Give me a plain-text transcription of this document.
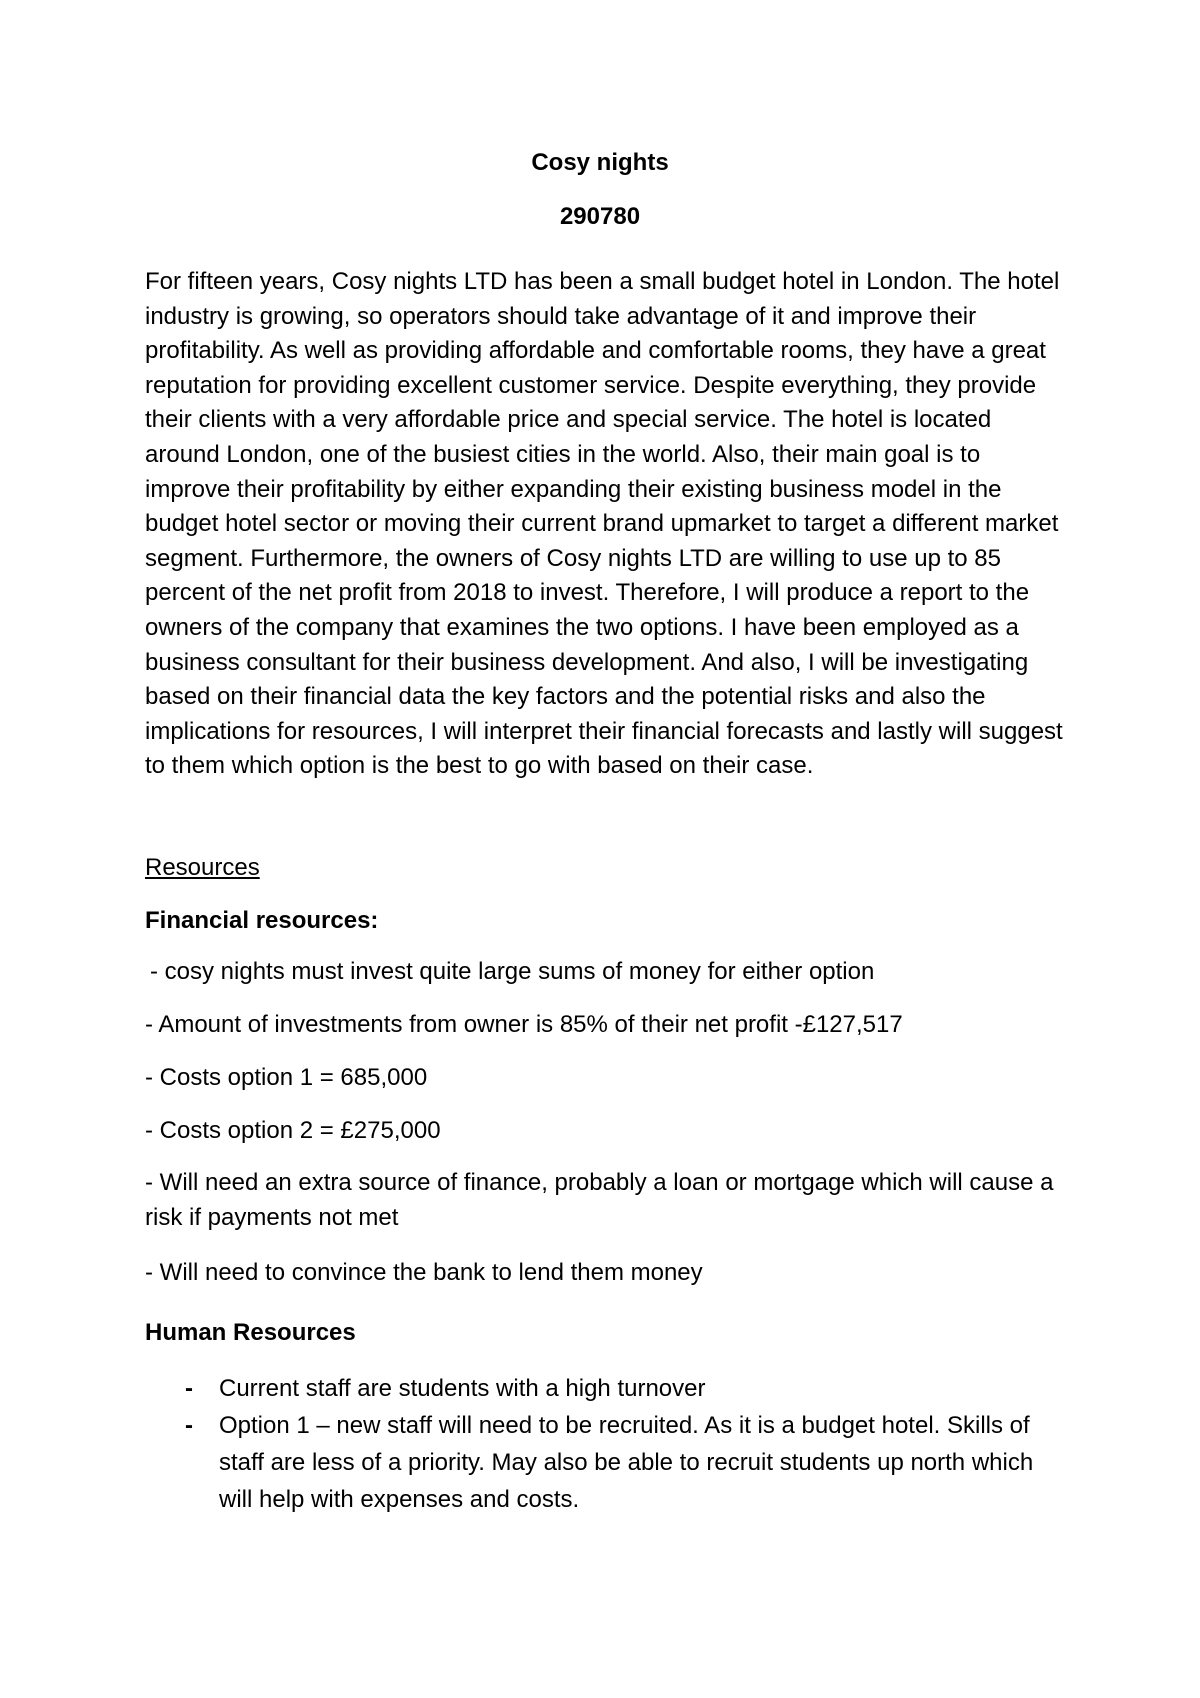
Cosy nights

290780

For fifteen years, Cosy nights LTD has been a small budget hotel in London. The hotel industry is growing, so operators should take advantage of it and improve their profitability. As well as providing affordable and comfortable rooms, they have a great reputation for providing excellent customer service. Despite everything, they provide their clients with a very affordable price and special service. The hotel is located around London, one of the busiest cities in the world. Also, their main goal is to improve their profitability by either expanding their existing business model in the budget hotel sector or moving their current brand upmarket to target a different market segment. Furthermore, the owners of Cosy nights LTD are willing to use up to 85 percent of the net profit from 2018 to invest. Therefore, I will produce a report to the owners of the company that examines the two options. I have been employed as a business consultant for their business development. And also, I will be investigating based on their financial data the key factors and the potential risks and also the implications for resources, I will interpret their financial forecasts and lastly will suggest to them which option is the best to go with based on their case.

Resources

Financial resources:

- cosy nights must invest quite large sums of money for either option

- Amount of investments from owner is 85% of their net profit -£127,517

- Costs option 1 = 685,000

- Costs option 2 = £275,000

- Will need an extra source of finance, probably a loan or mortgage which will cause a risk if payments not met

- Will need to convince the bank to lend them money

Human Resources

- Current staff are students with a high turnover
- Option 1 – new staff will need to be recruited. As it is a budget hotel. Skills of staff are less of a priority. May also be able to recruit students up north which will help with expenses and costs.
